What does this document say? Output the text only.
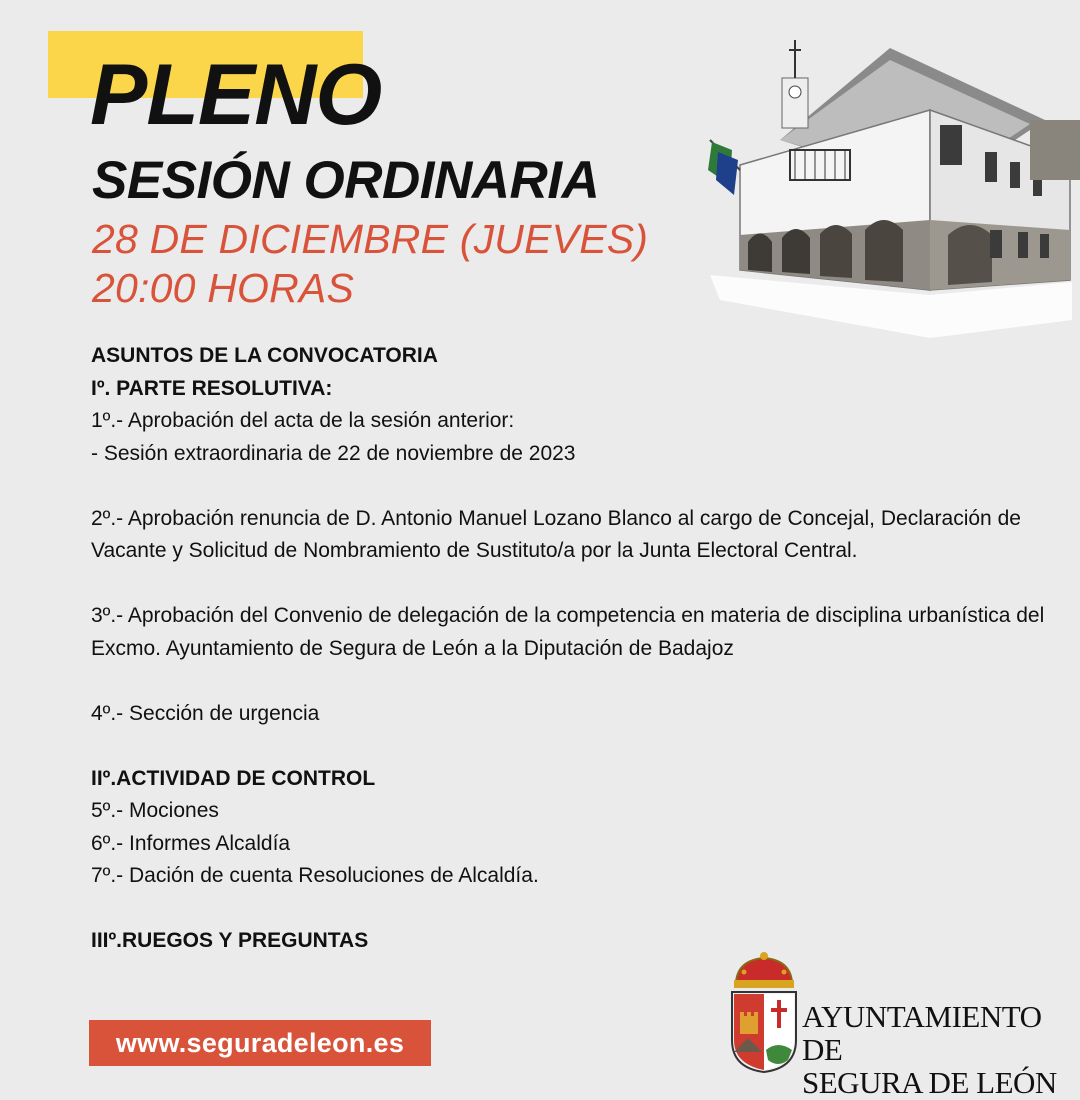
PLENO
SESIÓN ORDINARIA
28 DE DICIEMBRE (JUEVES)
20:00 HORAS
ASUNTOS DE LA CONVOCATORIA
Iº. PARTE RESOLUTIVA:
1º.- Aprobación del acta de la sesión anterior:
- Sesión extraordinaria de 22 de noviembre de 2023
2º.- Aprobación renuncia de D. Antonio Manuel Lozano Blanco al cargo de Concejal, Declaración de Vacante y Solicitud de Nombramiento de Sustituto/a por la Junta Electoral Central.
3º.- Aprobación del Convenio de delegación de la competencia en materia de disciplina urbanística del Excmo. Ayuntamiento de Segura de León a la Diputación de Badajoz
4º.- Sección de urgencia
IIº.ACTIVIDAD DE CONTROL
5º.- Mociones
6º.- Informes Alcaldía
7º.- Dación de cuenta Resoluciones de Alcaldía.
IIIº.RUEGOS Y PREGUNTAS
www.seguradeleon.es
AYUNTAMIENTO DE
SEGURA DE LEÓN
